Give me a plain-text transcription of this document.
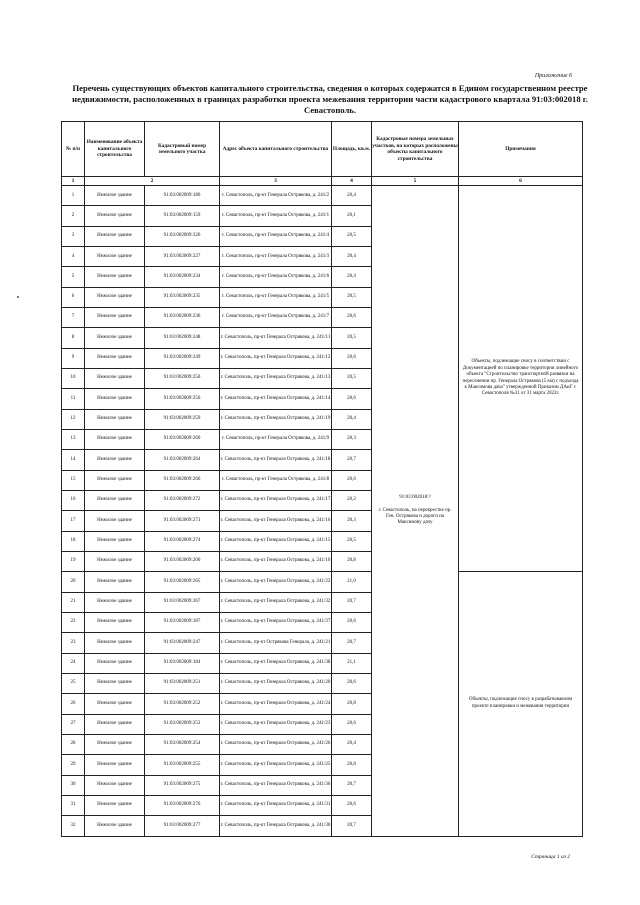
Приложение 6
Перечень существующих объектов капитального строительства, сведения о которых содержатся в Едином государственном реестре недвижимости, расположенных в границах разработки проекта межевания территории части кадастрового квартала 91:03:002018 г. Севастополь.
№ п/п	Наименование объекта капитального строительства	Кадастровый номер земельного участка	Адрес объекта капитального строительства	Площадь, кв.м.	Кадастровые номера земельных участков, на которых расположены объекты капитального строительства	Примечания
1	2		3	4	5	6
1	Нежилое здание	91:03:002009:186	г. Севастополь, пр-кт Генерала Острякова, д. 241/2	20,4	91:03:002018:?

г. Севастополь, на перекрестке пр. Ген. Острякова и дороги на Максимову дачу	Объекты, подлежащие сносу в соответствии с Документацией по планировке территории линейного объекта "Строительство транспортной развязки на пересечении пр. Генерала Острякова (5 км) с подъезда к Максимова дача" утвержденной Приказом ДАиГ г. Севастополя №31 от 31 марта 2022г.
2	Нежилое здание	91:03:002009:159	г. Севастополь, пр-кт Генерала Острякова, д. 241/1	20,1		
3	Нежилое здание	91:03:002009:326	г. Севастополь, пр-кт Генерала Острякова, д. 241/4	20,5		
4	Нежилое здание	91:03:002009:227	г. Севастополь, пр-кт Генерала Острякова, д. 241/3	20,4		
5	Нежилое здание	91:03:002009:234	г. Севастополь, пр-кт Генерала Острякова, д. 241/6	20,4		
6	Нежилое здание	91:03:002009:235	г. Севастополь, пр-кт Генерала Острякова, д. 241/5	20,5		
7	Нежилое здание	91:03:002009:236	г. Севастополь, пр-кт Генерала Острякова, д. 241/7	20,6		
8	Нежилое здание	91:03:002009:248	г. Севастополь, пр-кт Генерала Острякова, д. 241/11	20,5		
9	Нежилое здание	91:03:002009:249	г. Севастополь, пр-кт Генерала Острякова, д. 241/12	20,6		
10	Нежилое здание	91:03:002009:250	г. Севастополь, пр-кт Генерала Острякова, д. 241/13	20,5		
11	Нежилое здание	91:03:002009:256	г. Севастополь, пр-кт Генерала Острякова, д. 241/14	20,6		
12	Нежилое здание	91:03:002009:259	г. Севастополь, пр-кт Генерала Острякова, д. 241/19	20,4		
13	Нежилое здание	91:03:002009:260	г. Севастополь, пр-кт Генерала Острякова, д. 241/9	20,3		
14	Нежилое здание	91:03:002009:264	г. Севастополь, пр-кт Генерала Острякова, д. 241/18	20,7		
15	Нежилое здание	91:03:002009:266	г. Севастополь, пр-кт Генерала Острякова, д. 241/8	20,6		
16	Нежилое здание	91:03:002009:272	г. Севастополь, пр-кт Генерала Острякова, д. 241/17	20,2		
17	Нежилое здание	91:03:002009:273	г. Севастополь, пр-кт Генерала Острякова, д. 241/16	20,3		
18	Нежилое здание	91:03:002009:274	г. Севастополь, пр-кт Генерала Острякова, д. 241/15	20,5		
19	Нежилое здание	91:03:002009:200	г. Севастополь, пр-кт Генерала Острякова, д. 241/10	20,8		
20	Нежилое здание	91:03:002009:265	г. Севастополь, пр-кт Генерала Острякова, д. 241/22	21,0		Объекты, подлежащие сносу в разрабатываемом проекте планировки и межевания территории
21	Нежилое здание	91:03:002009:267	г. Севастополь, пр-кт Генерала Острякова, д. 241/32	20,7		
22	Нежилое здание	91:03:002009:187	г. Севастополь, пр-кт Генерала Острякова, д. 241/37	20,6		
23	Нежилое здание	91:03:002009:247	г. Севастополь, пр-кт Острякова Генерала, д. 241/21	20,7		
24	Нежилое здание	91:03:002009:184	г. Севастополь, пр-кт Генерала Острякова, д. 241/38	21,1		
25	Нежилое здание	91:03:002009:251	г. Севастополь, пр-кт Генерала Острякова, д. 241/20	20,6		
26	Нежилое здание	91:03:002009:252	г. Севастополь, пр-кт Генерала Острякова, д. 241/24	20,8		
27	Нежилое здание	91:03:002009:253	г. Севастополь, пр-кт Генерала Острякова, д. 241/23	20,6		
28	Нежилое здание	91:03:002009:254	г. Севастополь, пр-кт Генерала Острякова, д. 241/26	20,4		
29	Нежилое здание	91:03:002009:255	г. Севастополь, пр-кт Генерала Острякова, д. 241/25	20,8		
30	Нежилое здание	91:03:002009:275	г. Севастополь, пр-кт Генерала Острякова, д. 241/36	20,7		
31	Нежилое здание	91:03:002009:276	г. Севастополь, пр-кт Генерала Острякова, д. 241/31	20,6		
32	Нежилое здание	91:03:002009:277	г. Севастополь, пр-кт Генерала Острякова, д. 241/30	20,7		
Страница 1 из 2
